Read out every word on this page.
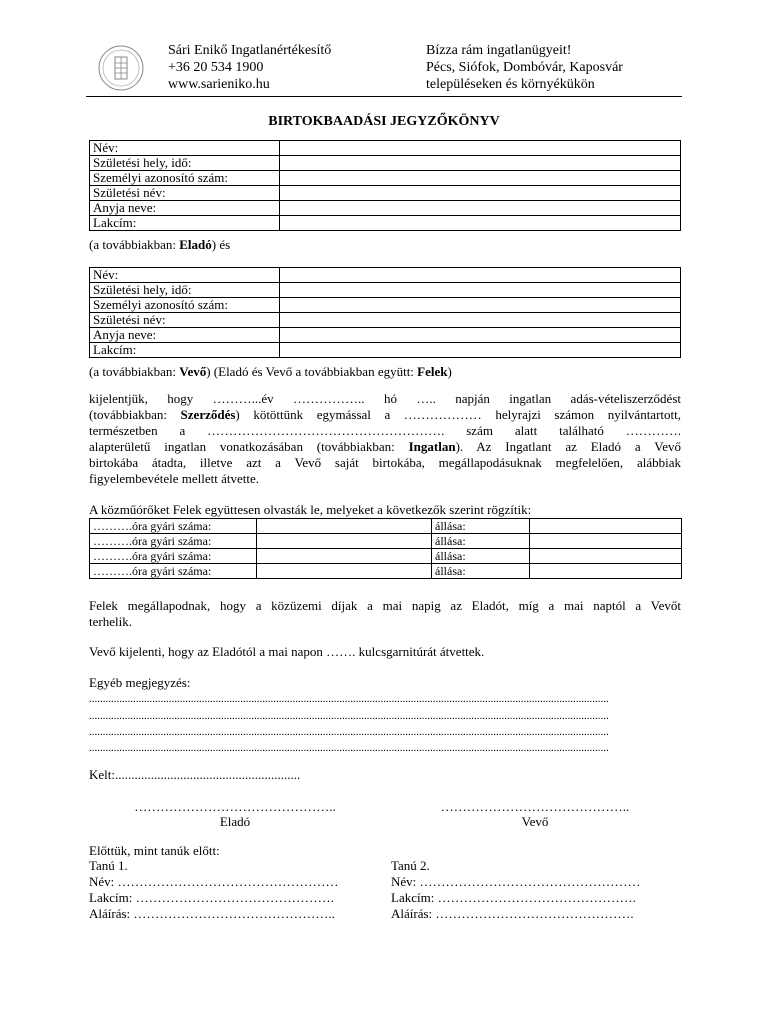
Sári Enikő Ingatlanértékesítő
+36 20 534 1900
www.sarieniko.hu
Bízza rám ingatlanügyeit!
Pécs, Siófok, Dombóvár, Kaposvár
településeken és környékükön
BIRTOKBAADÁSI JEGYZŐKÖNYV
Név:	
Születési hely, idő:	
Személyi azonosító szám:	
Születési név:	
Anyja neve:	
Lakcím:	
(a továbbiakban: Eladó) és
Név:	
Születési hely, idő:	
Személyi azonosító szám:	
Születési név:	
Anyja neve:	
Lakcím:	
(a továbbiakban: Vevő) (Eladó és Vevő a továbbiakban együtt: Felek)
kijelentjük, hogy ………...év …………….. hó ….. napján ingatlan adás-vételiszerződést
(továbbiakban: Szerződés) kötöttünk egymással a ……………… helyrajzi számon nyilvántartott,
természetben a ………………………………………………. szám alatt található ………….
alapterületű ingatlan vonatkozásában (továbbiakban: Ingatlan). Az Ingatlant az Eladó a Vevő
birtokába átadta, illetve azt a Vevő saját birtokába, megállapodásuknak megfelelően, alábbiak
figyelembevétele mellett átvette.
A közműórőket Felek együttesen olvasták le, melyeket a következők szerint rögzítik:
……….óra gyári száma:		állása:	
……….óra gyári száma:		állása:	
……….óra gyári száma:		állása:	
……….óra gyári száma:		állása:	
Felek megállapodnak, hogy a közüzemi díjak a mai napig az Eladót, míg a mai naptól a Vevőt
terhelik.
Vevő kijelenti, hogy az Eladótól a mai napon ……. kulcsgarnitúrát átvettek.
Egyéb megjegyzés:
.............................................................................................................................................................................................
.............................................................................................................................................................................................
.............................................................................................................................................................................................
.............................................................................................................................................................................................
Kelt:.........................................................
………………………………………..
Eladó
……………………………………..
Vevő
Előttük, mint tanúk előtt:
Tanú 1.
Név: ……………………………………………
Lakcím: ……………………………………….
Aláírás: ………………………………………..
Tanú 2.
Név: ……………………………………………
Lakcím: ……………………………………….
Aláírás: ……………………………………….
